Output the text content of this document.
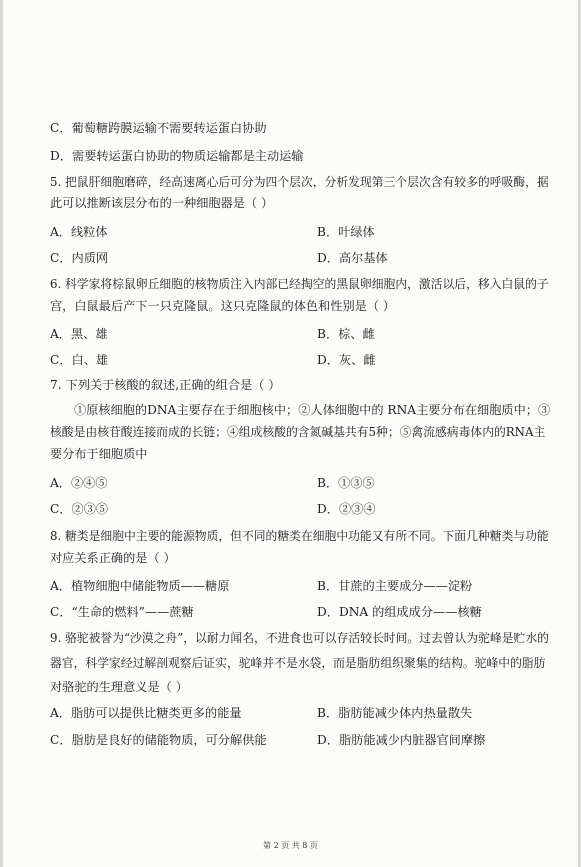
C．葡萄糖跨膜运输不需要转运蛋白协助
D．需要转运蛋白协助的物质运输都是主动运输
5. 把鼠肝细胞磨碎，经高速离心后可分为四个层次，分析发现第三个层次含有较多的呼吸酶，据
此可以推断该层分布的一种细胞器是（ ）
A．线粒体	B．叶绿体
C．内质网	D．高尔基体
6. 科学家将棕鼠卵丘细胞的核物质注入内部已经掏空的黑鼠卵细胞内，激活以后，移入白鼠的子
宫，白鼠最后产下一只克隆鼠。这只克隆鼠的体色和性别是（ ）
A．黑、雄	B．棕、雌
C．白、雄	D．灰、雌
7. 下列关于核酸的叙述,正确的组合是（ ）
①原核细胞的DNA主要存在于细胞核中；②人体细胞中的 RNA主要分布在细胞质中；③
核酸是由核苷酸连接而成的长链；④组成核酸的含氮碱基共有5种；⑤禽流感病毒体内的RNA主
要分布于细胞质中
A．②④⑤	B．①③⑤
C．②③⑤	D．②③④
8. 糖类是细胞中主要的能源物质，但不同的糖类在细胞中功能又有所不同。下面几种糖类与功能
对应关系正确的是（ ）
A．植物细胞中储能物质——糖原	B．甘蔗的主要成分——淀粉
C．“生命的燃料”——蔗糖	D．DNA 的组成成分——核糖
9. 骆驼被誉为“沙漠之舟”，以耐力闻名，不进食也可以存活较长时间。过去曾认为驼峰是贮水的
器官，科学家经过解剖观察后证实，驼峰并不是水袋，而是脂肪组织聚集的结构。驼峰中的脂肪
对骆驼的生理意义是（ ）
A．脂肪可以提供比糖类更多的能量	B．脂肪能减少体内热量散失
C．脂肪是良好的储能物质，可分解供能	D．脂肪能减少内脏器官间摩擦
第 2 页 共 8 页
